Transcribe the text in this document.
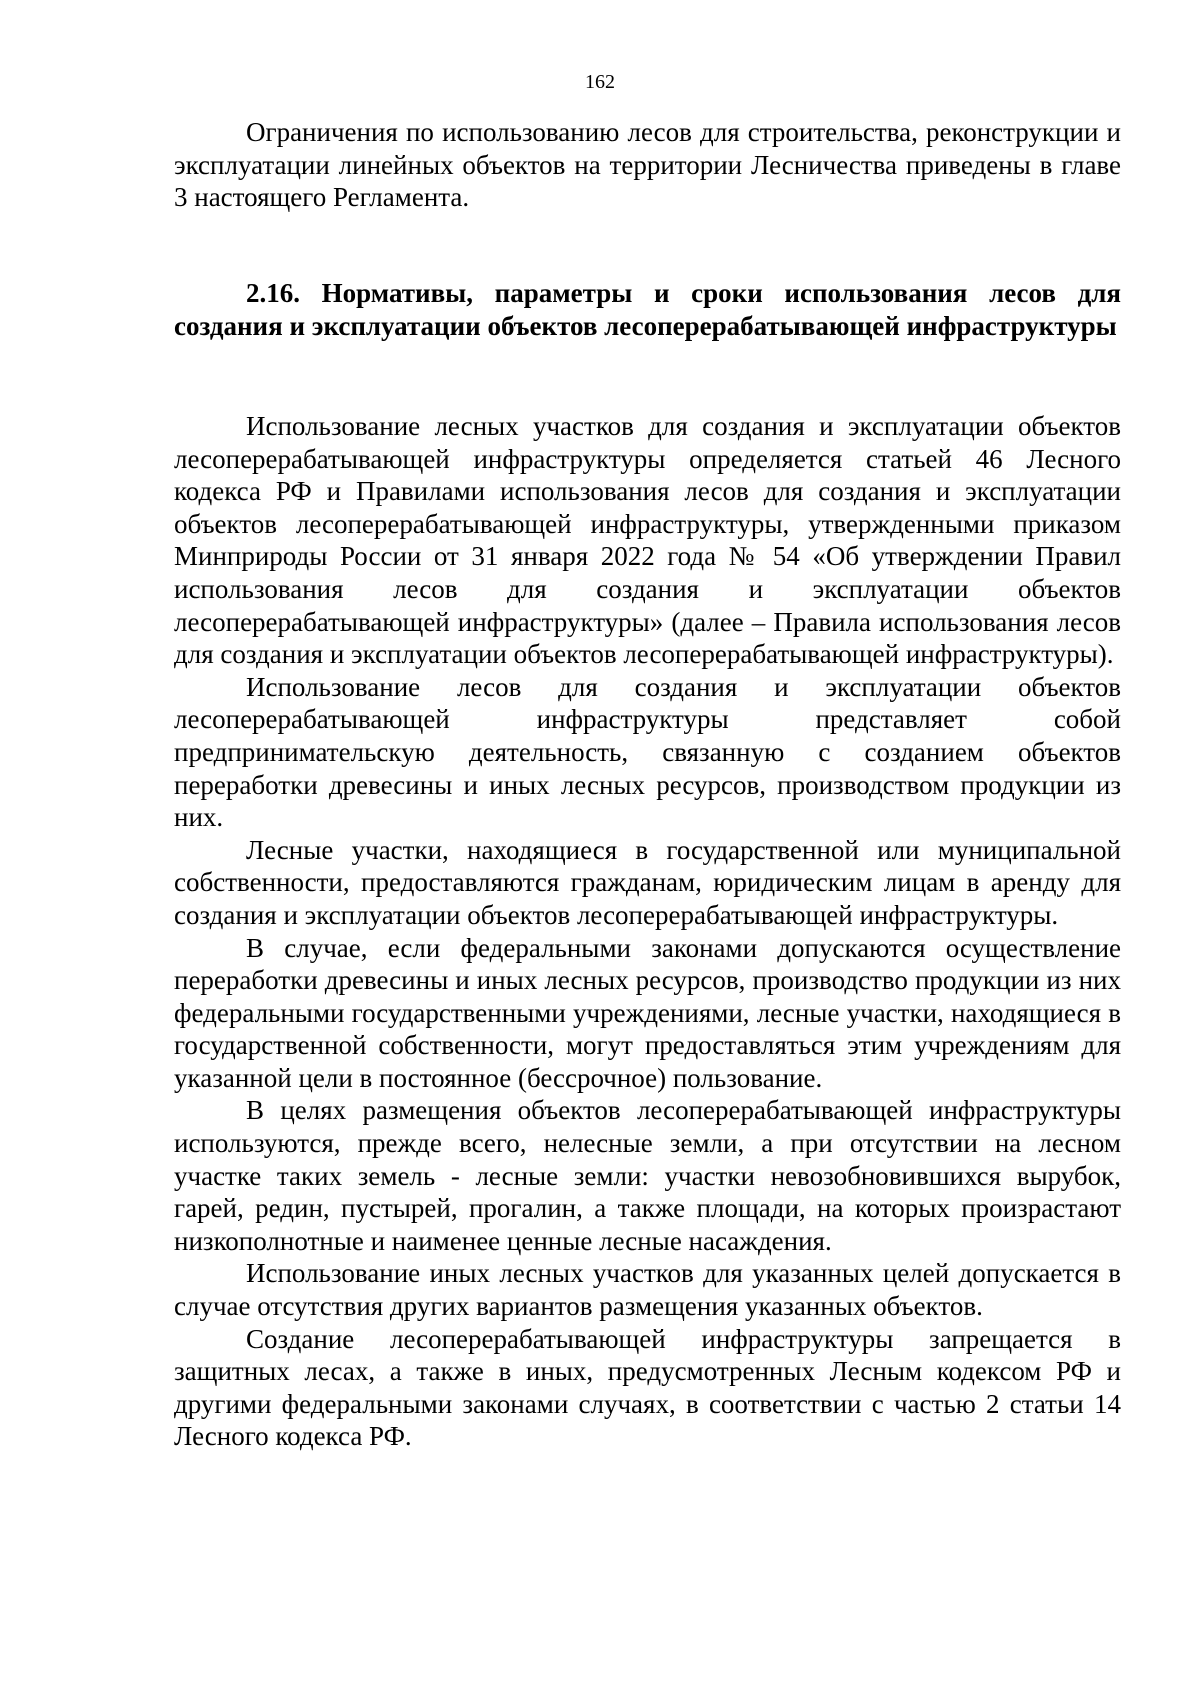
162

Ограничения по использованию лесов для строительства, реконструкции и эксплуатации линейных объектов на территории Лесничества приведены в главе 3 настоящего Регламента.

2.16. Нормативы, параметры и сроки использования лесов для создания и эксплуатации объектов лесоперерабатывающей инфраструктуры

Использование лесных участков для создания и эксплуатации объектов лесоперерабатывающей инфраструктуры определяется статьей 46 Лесного кодекса РФ и Правилами использования лесов для создания и эксплуатации объектов лесоперерабатывающей инфраструктуры, утвержденными приказом Минприроды России от 31 января 2022 года № 54 «Об утверждении Правил использования лесов для создания и эксплуатации объектов лесоперерабатывающей инфраструктуры» (далее – Правила использования лесов для создания и эксплуатации объектов лесоперерабатывающей инфраструктуры).

Использование лесов для создания и эксплуатации объектов лесоперерабатывающей инфраструктуры представляет собой предпринимательскую деятельность, связанную с созданием объектов переработки древесины и иных лесных ресурсов, производством продукции из них.

Лесные участки, находящиеся в государственной или муниципальной собственности, предоставляются гражданам, юридическим лицам в аренду для создания и эксплуатации объектов лесоперерабатывающей инфраструктуры.

В случае, если федеральными законами допускаются осуществление переработки древесины и иных лесных ресурсов, производство продукции из них федеральными государственными учреждениями, лесные участки, находящиеся в государственной собственности, могут предоставляться этим учреждениям для указанной цели в постоянное (бессрочное) пользование.

В целях размещения объектов лесоперерабатывающей инфраструктуры используются, прежде всего, нелесные земли, а при отсутствии на лесном участке таких земель - лесные земли: участки невозобновившихся вырубок, гарей, редин, пустырей, прогалин, а также площади, на которых произрастают низкополнотные и наименее ценные лесные насаждения.

Использование иных лесных участков для указанных целей допускается в случае отсутствия других вариантов размещения указанных объектов.

Создание лесоперерабатывающей инфраструктуры запрещается в защитных лесах, а также в иных, предусмотренных Лесным кодексом РФ и другими федеральными законами случаях, в соответствии с частью 2 статьи 14 Лесного кодекса РФ.
